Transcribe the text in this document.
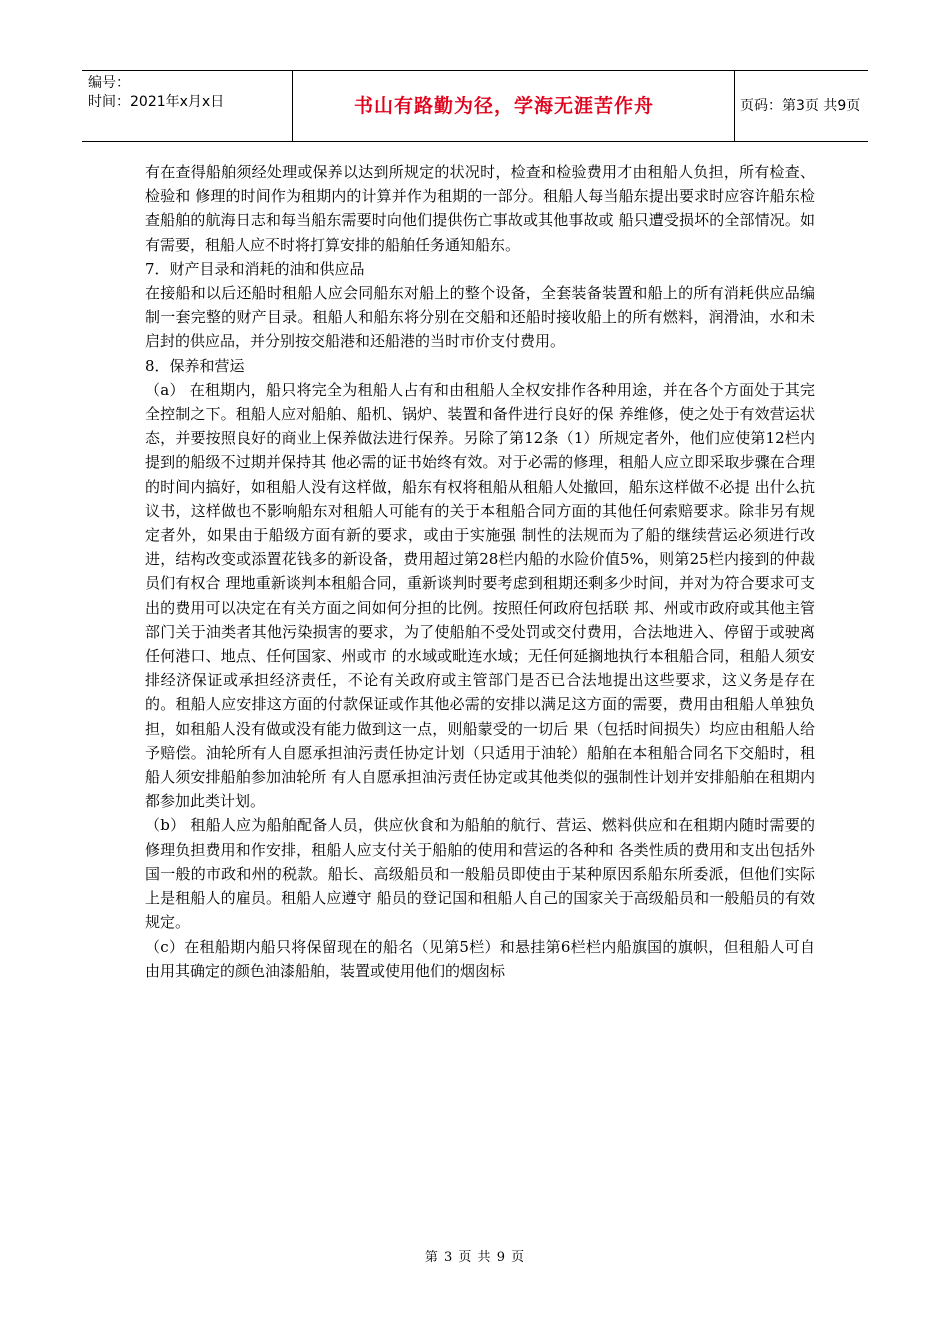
编号：
时间：2021年x月x日	书山有路勤为径，学海无涯苦作舟	页码：第3页 共9页

有在查得船舶须经处理或保养以达到所规定的状况时，检查和检验费用才由租船人负担，所有检查、检验和 修理的时间作为租期内的计算并作为租期的一部分。租船人每当船东提出要求时应容许船东检查船舶的航海日志和每当船东需要时向他们提供伤亡事故或其他事故或 船只遭受损坏的全部情况。如有需要，租船人应不时将打算安排的船舶任务通知船东。

7．财产目录和消耗的油和供应品

在接船和以后还船时租船人应会同船东对船上的整个设备，全套装备装置和船上的所有消耗供应品编制一套完整的财产目录。租船人和船东将分别在交船和还船时接收船上的所有燃料，润滑油，水和未启封的供应品，并分别按交船港和还船港的当时市价支付费用。

8．保养和营运

（a） 在租期内，船只将完全为租船人占有和由租船人全权安排作各种用途，并在各个方面处于其完全控制之下。租船人应对船舶、船机、锅炉、装置和备件进行良好的保 养维修，使之处于有效营运状态，并要按照良好的商业上保养做法进行保养。另除了第12条（1）所规定者外，他们应使第12栏内提到的船级不过期并保持其 他必需的证书始终有效。对于必需的修理，租船人应立即采取步骤在合理的时间内搞好，如租船人没有这样做，船东有权将租船从租船人处撤回，船东这样做不必提 出什么抗议书，这样做也不影响船东对租船人可能有的关于本租船合同方面的其他任何索赔要求。除非另有规定者外，如果由于船级方面有新的要求，或由于实施强 制性的法规而为了船的继续营运必须进行改进，结构改变或添置花钱多的新设备，费用超过第28栏内船的水险价值5%，则第25栏内接到的仲裁员们有权合 理地重新谈判本租船合同，重新谈判时要考虑到租期还剩多少时间，并对为符合要求可支出的费用可以决定在有关方面之间如何分担的比例。按照任何政府包括联 邦、州或市政府或其他主管部门关于油类者其他污染损害的要求，为了使船舶不受处罚或交付费用，合法地进入、停留于或驶离任何港口、地点、任何国家、州或市 的水域或毗连水域；无任何延搁地执行本租船合同，租船人须安排经济保证或承担经济责任，不论有关政府或主管部门是否已合法地提出这些要求，这义务是存在 的。租船人应安排这方面的付款保证或作其他必需的安排以满足这方面的需要，费用由租船人单独负担，如租船人没有做或没有能力做到这一点，则船蒙受的一切后 果（包括时间损失）均应由租船人给予赔偿。油轮所有人自愿承担油污责任协定计划（只适用于油轮）船舶在本租船合同名下交船时，租船人须安排船舶参加油轮所 有人自愿承担油污责任协定或其他类似的强制性计划并安排船舶在租期内都参加此类计划。

（b） 租船人应为船舶配备人员，供应伙食和为船舶的航行、营运、燃料供应和在租期内随时需要的修理负担费用和作安排，租船人应支付关于船舶的使用和营运的各种和 各类性质的费用和支出包括外国一般的市政和州的税款。船长、高级船员和一般船员即使由于某种原因系船东所委派，但他们实际上是租船人的雇员。租船人应遵守 船员的登记国和租船人自己的国家关于高级船员和一般船员的有效规定。

（c）在租船期内船只将保留现在的船名（见第5栏）和悬挂第6栏栏内船旗国的旗帜，但租船人可自由用其确定的颜色油漆船舶，装置或使用他们的烟囱标

第 3 页 共 9 页
